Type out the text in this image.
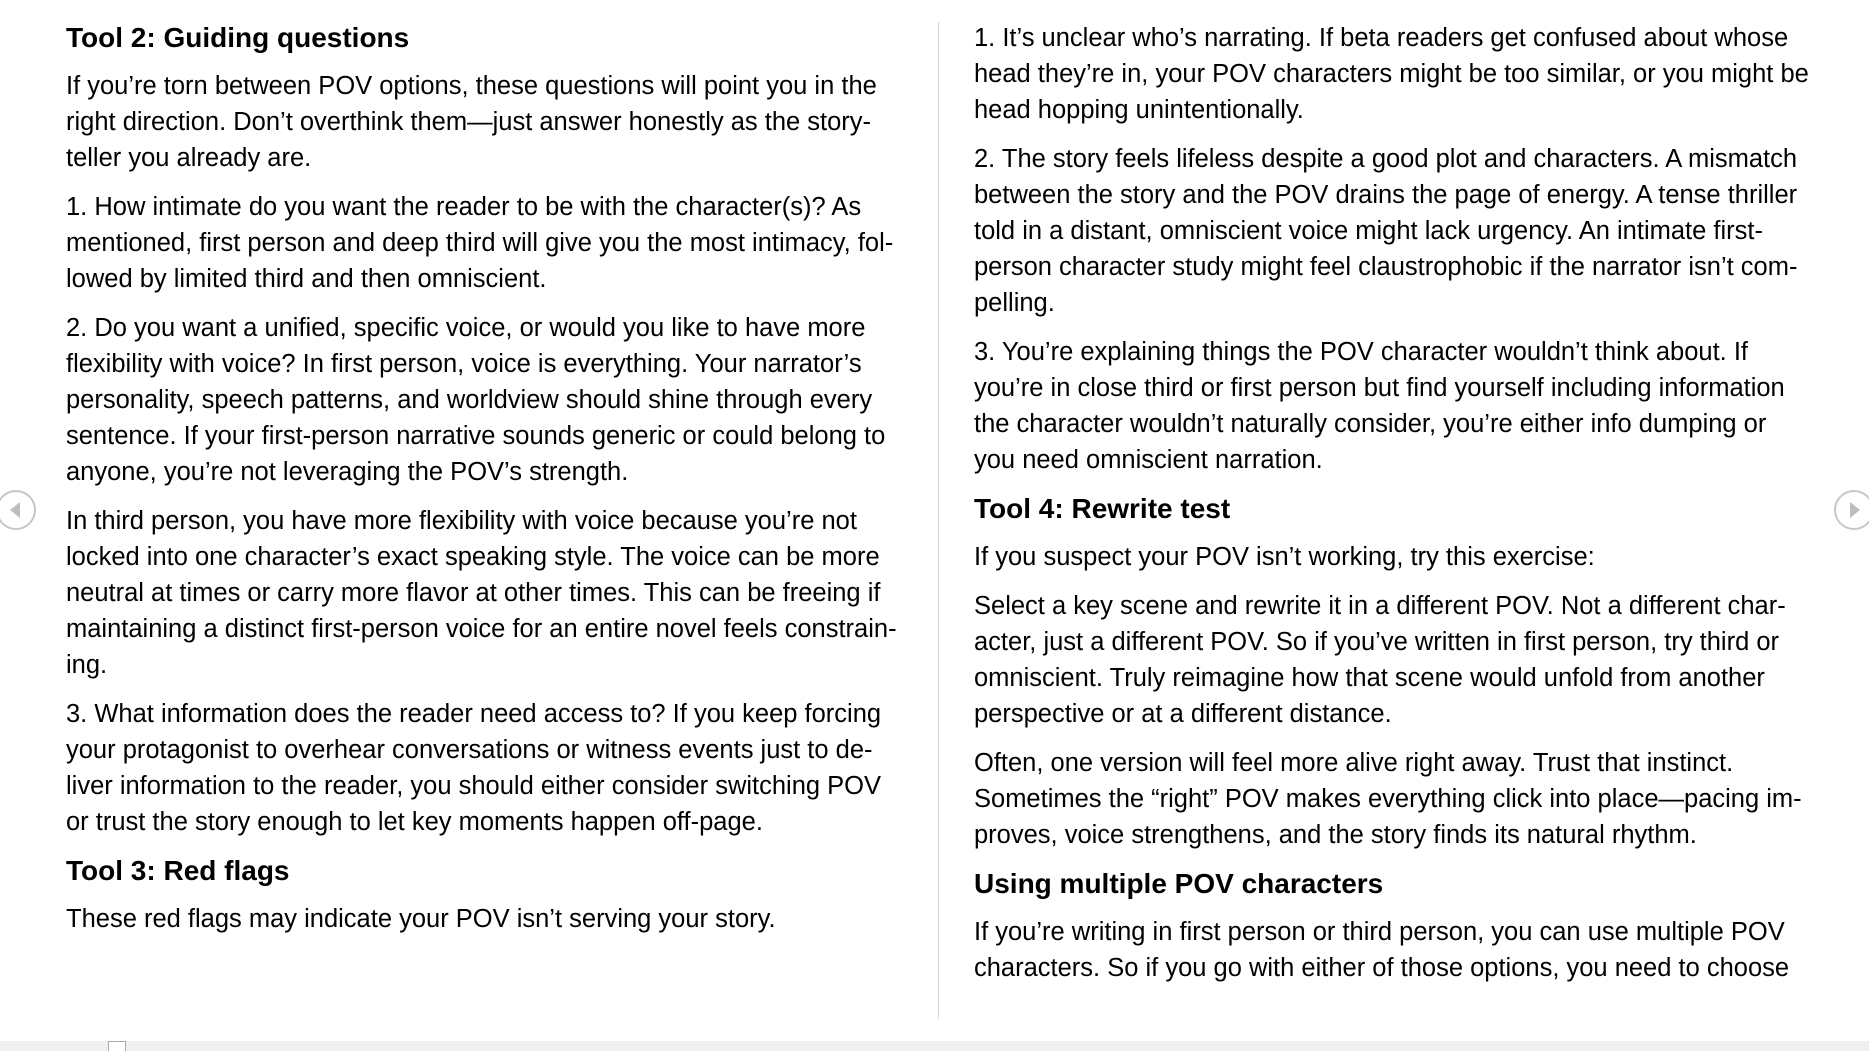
Tool 2: Guiding questions

If you’re torn between POV options, these questions will point you in the right direction. Don’t overthink them—just answer honestly as the story-teller you already are.

1. How intimate do you want the reader to be with the character(s)? As mentioned, first person and deep third will give you the most intimacy, fol-lowed by limited third and then omniscient.

2. Do you want a unified, specific voice, or would you like to have more flexibility with voice? In first person, voice is everything. Your narrator’s personality, speech patterns, and worldview should shine through every sentence. If your first-person narrative sounds generic or could belong to anyone, you’re not leveraging the POV’s strength.

In third person, you have more flexibility with voice because you’re not locked into one character’s exact speaking style. The voice can be more neutral at times or carry more flavor at other times. This can be freeing if maintaining a distinct first-person voice for an entire novel feels constrain-ing.

3. What information does the reader need access to? If you keep forcing your protagonist to overhear conversations or witness events just to de-liver information to the reader, you should either consider switching POV or trust the story enough to let key moments happen off-page.

Tool 3: Red flags

These red flags may indicate your POV isn’t serving your story.

1. It’s unclear who’s narrating. If beta readers get confused about whose head they’re in, your POV characters might be too similar, or you might be head hopping unintentionally.

2. The story feels lifeless despite a good plot and characters. A mismatch between the story and the POV drains the page of energy. A tense thriller told in a distant, omniscient voice might lack urgency. An intimate first-person character study might feel claustrophobic if the narrator isn’t com-pelling.

3. You’re explaining things the POV character wouldn’t think about. If you’re in close third or first person but find yourself including information the character wouldn’t naturally consider, you’re either info dumping or you need omniscient narration.

Tool 4: Rewrite test

If you suspect your POV isn’t working, try this exercise:

Select a key scene and rewrite it in a different POV. Not a different char-acter, just a different POV. So if you’ve written in first person, try third or omniscient. Truly reimagine how that scene would unfold from another perspective or at a different distance.

Often, one version will feel more alive right away. Trust that instinct. Sometimes the “right” POV makes everything click into place—pacing im-proves, voice strengthens, and the story finds its natural rhythm.

Using multiple POV characters

If you’re writing in first person or third person, you can use multiple POV characters. So if you go with either of those options, you need to choose
